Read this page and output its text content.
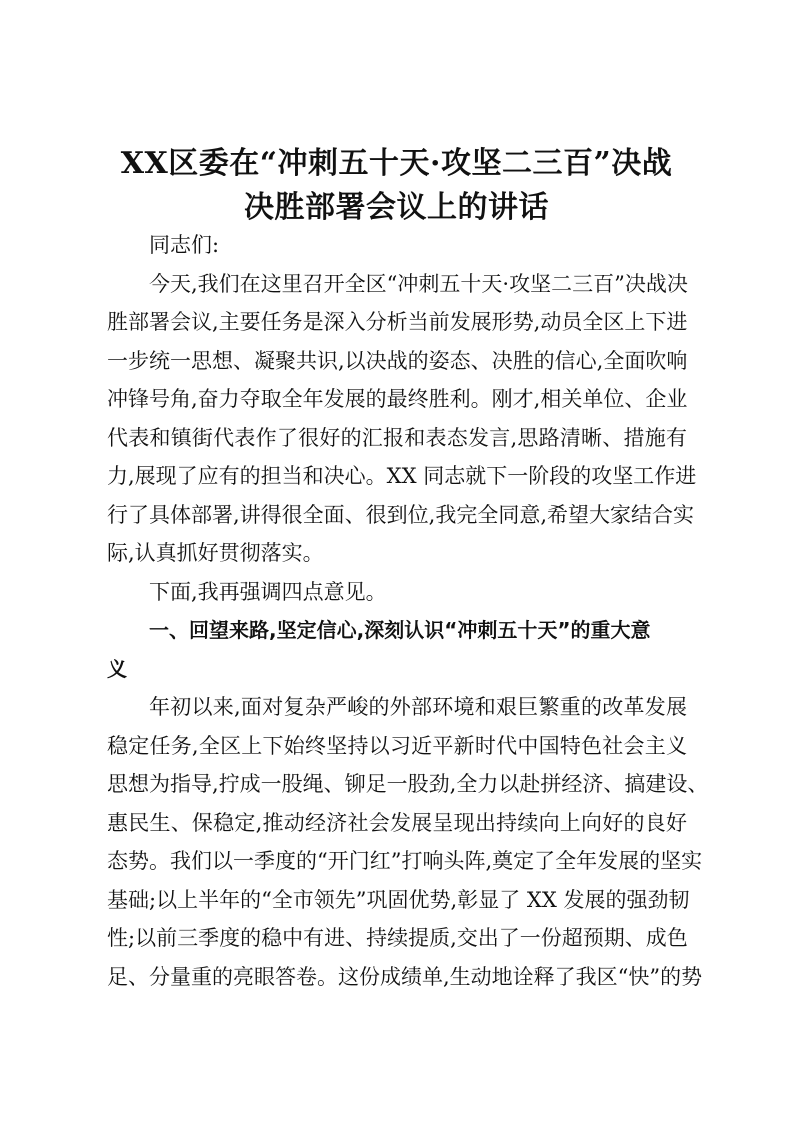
XX区委在“冲刺五十天·攻坚二三百”决战
决胜部署会议上的讲话

同志们:

今天,我们在这里召开全区“冲刺五十天·攻坚二三百”决战决
胜部署会议,主要任务是深入分析当前发展形势,动员全区上下进
一步统一思想、凝聚共识,以决战的姿态、决胜的信心,全面吹响
冲锋号角,奋力夺取全年发展的最终胜利。刚才,相关单位、企业
代表和镇街代表作了很好的汇报和表态发言,思路清晰、措施有
力,展现了应有的担当和决心。XX 同志就下一阶段的攻坚工作进
行了具体部署,讲得很全面、很到位,我完全同意,希望大家结合实
际,认真抓好贯彻落实。

下面,我再强调四点意见。

一、回望来路,坚定信心,深刻认识“冲刺五十天”的重大意
义

年初以来,面对复杂严峻的外部环境和艰巨繁重的改革发展
稳定任务,全区上下始终坚持以习近平新时代中国特色社会主义
思想为指导,拧成一股绳、铆足一股劲,全力以赴拼经济、搞建设、
惠民生、保稳定,推动经济社会发展呈现出持续向上向好的良好
态势。我们以一季度的“开门红”打响头阵,奠定了全年发展的坚实
基础;以上半年的“全市领先”巩固优势,彰显了 XX 发展的强劲韧
性;以前三季度的稳中有进、持续提质,交出了一份超预期、成色
足、分量重的亮眼答卷。这份成绩单,生动地诠释了我区“快”的势
